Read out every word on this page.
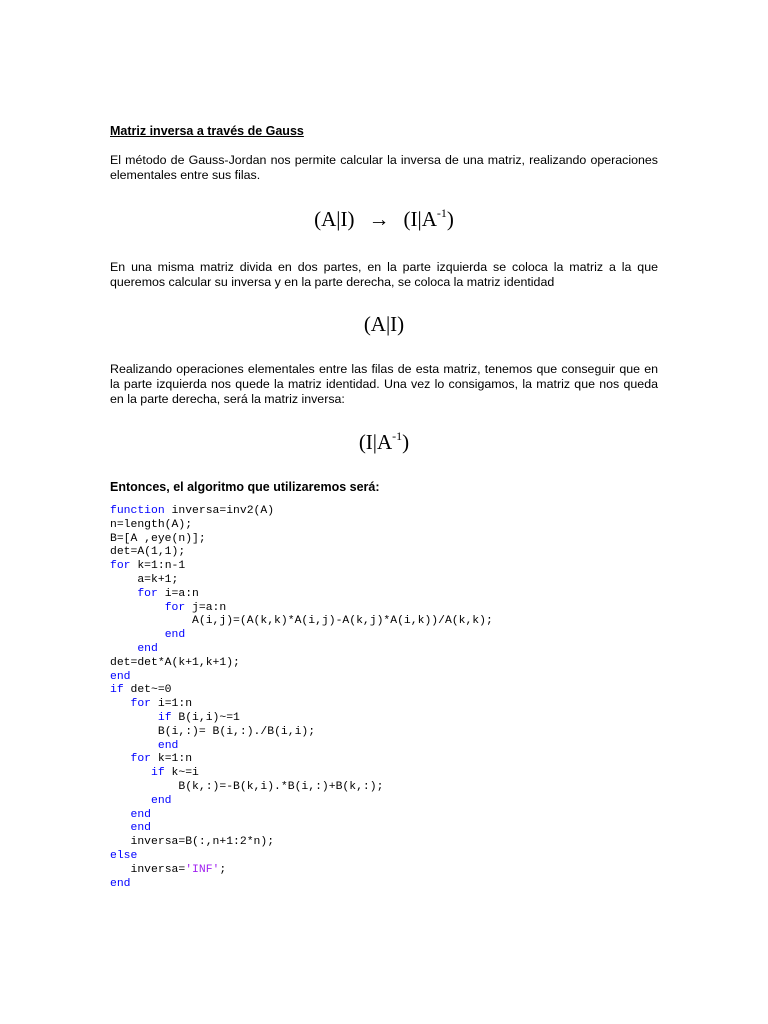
Matriz inversa a través de Gauss

El método de Gauss-Jordan nos permite calcular la inversa de una matriz, realizando operaciones elementales entre sus filas.

$(A|I) \to (I|A^{-1})$

En una misma matriz divida en dos partes, en la parte izquierda se coloca la matriz a la que queremos calcular su inversa y en la parte derecha, se coloca la matriz identidad

(A|I)

Realizando operaciones elementales entre las filas de esta matriz, tenemos que conseguir que en la parte izquierda nos quede la matriz identidad. Una vez lo consigamos, la matriz que nos queda en la parte derecha, será la matriz inversa:

$(I|A^{-1})$
Entonces, el algoritmo que utilizaremos será:
function inversa=inv2(A)
n=length(A);
B=[A ,eye(n)];
det=A(1,1);
for k=1:n-1
a=k+1;
for i=a:n
for j=a:n
A(i,j)=(A(k,k)*A(i,j)-A(k,j)*A(i,k))/A(k,k);
end
end
det=det*A(k+1,k+1);
end
if det~=0
for i=1:n
if B(i,i)~=1
B(i,:)= B(i,:)./B(i,i);
end
for k=1:n
if k~=i
B(k,:)=-B(k,i).*B(i,:)+B(k,:);
end
end
end
inversa=B(:,n+1:2*n);
else
inversa='INF';
end
